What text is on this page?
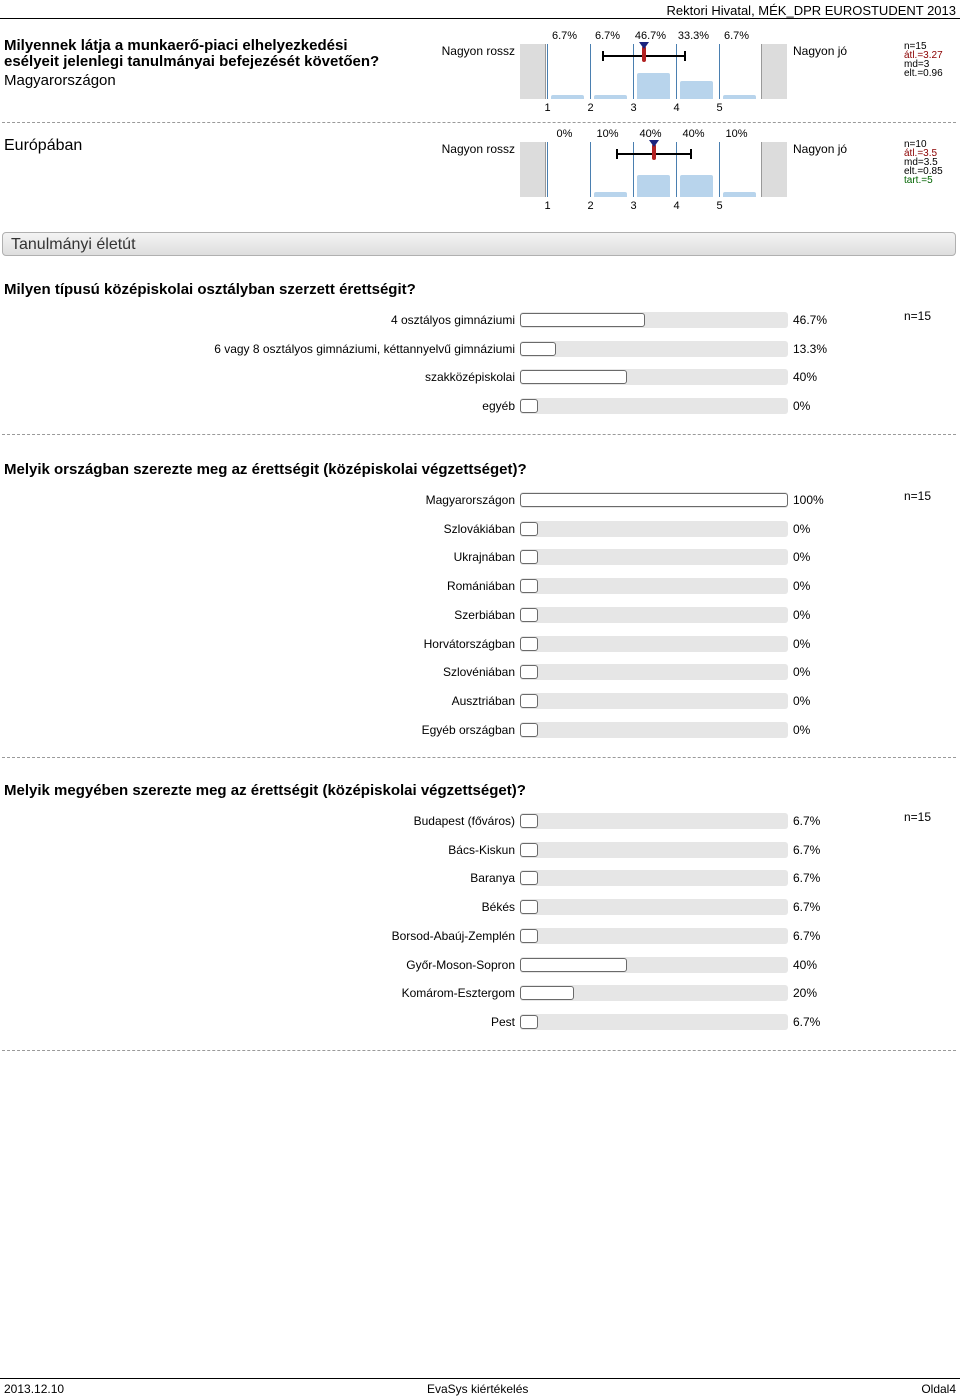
Rektori Hivatal, MÉK_DPR EUROSTUDENT 2013
Milyennek látja a munkaerő-piaci elhelyezkedési esélyeit jelenlegi tanulmányai befejezését követően?
Magyarországon
Európában
Nagyon rossz	Nagyon jó
6.7%	6.7%	46.7%	33.3%	6.7%
1	2	3	4	5
n=15
átl.=3.27
md=3
elt.=0.96
Nagyon rossz	Nagyon jó
0%	10%	40%	40%	10%
1	2	3	4	5
n=10
átl.=3.5
md=3.5
elt.=0.85
tart.=5
Tanulmányi életút
Milyen típusú középiskolai osztályban szerzett érettségit?
n=15
4 osztályos gimnáziumi	46.7%
6 vagy 8 osztályos gimnáziumi, kéttannyelvű gimnáziumi	13.3%
szakközépiskolai	40%
egyéb	0%
Melyik országban szerezte meg az érettségit (középiskolai végzettséget)?
n=15
Magyarországon	100%
Szlovákiában	0%
Ukrajnában	0%
Romániában	0%
Szerbiában	0%
Horvátországban	0%
Szlovéniában	0%
Ausztriában	0%
Egyéb országban	0%
Melyik megyében szerezte meg az érettségit (középiskolai végzettséget)?
n=15
Budapest (főváros)	6.7%
Bács-Kiskun	6.7%
Baranya	6.7%
Békés	6.7%
Borsod-Abaúj-Zemplén	6.7%
Győr-Moson-Sopron	40%
Komárom-Esztergom	20%
Pest	6.7%
2013.12.10	EvaSys kiértékelés	Oldal4
